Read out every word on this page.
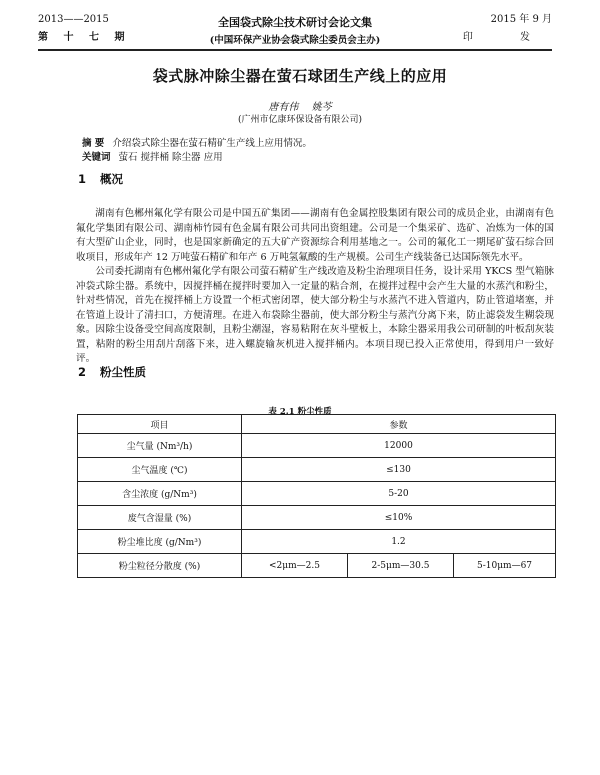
2013——2015	全国袋式除尘技术研讨会论文集	2015 年 9 月
第 十 七 期	(中国环保产业协会袋式除尘委员会主办)	印 发
袋式脉冲除尘器在萤石球团生产线上的应用
唐有伟 姚芩
(广州市亿康环保设备有限公司)
摘 要 介绍袋式除尘器在萤石精矿生产线上应用情况。
关键词 萤石 搅拌桶 除尘器 应用
1 概况

湖南有色郴州氟化学有限公司是中国五矿集团——湖南有色金属控股集团有限公司的成员企业，由湖南有色氟化学集团有限公司、湖南柿竹园有色金属有限公司共同出资组建。公司是一个集采矿、选矿、冶炼为一体的国有大型矿山企业，同时，也是国家新确定的五大矿产资源综合利用基地之一。公司的氟化工一期尾矿萤石综合回收项目，形成年产 12 万吨萤石精矿和年产 6 万吨氢氟酸的生产规模。公司生产线装备已达国际领先水平。

公司委托湖南有色郴州氟化学有限公司萤石精矿生产线改造及粉尘治理项目任务，设计采用 YKCS 型气箱脉冲袋式除尘器。系统中，因搅拌桶在搅拌时要加入一定量的粘合剂，在搅拌过程中会产生大量的水蒸汽和粉尘，针对些情况，首先在搅拌桶上方设置一个柜式密闭罩，使大部分粉尘与水蒸汽不进入管道内，防止管道堵塞，并在管道上设计了清扫口，方便清理。在进入布袋除尘器前，使大部分粉尘与蒸汽分离下来，防止滤袋发生糊袋现象。因除尘设备受空间高度限制，且粉尘潮湿，容易粘附在灰斗壁板上，本除尘器采用我公司研制的叶板刮灰装置，粘附的粉尘用刮片刮落下来，进入螺旋输灰机进入搅拌桶内。本项目现已投入正常使用，得到用户一致好评。

2 粉尘性质
表 2.1 粉尘性质
项目	参数		
尘气量 (Nm³/h)	12000		
尘气温度 (℃)	≤130		
含尘浓度 (g/Nm³)	5-20		
废气含湿量 (%)	≤10%		
粉尘堆比度 (g/Nm³)	1.2		
粉尘粒径分散度 (%)	<2μm—2.5	2-5μm—30.5	5-10μm—67
